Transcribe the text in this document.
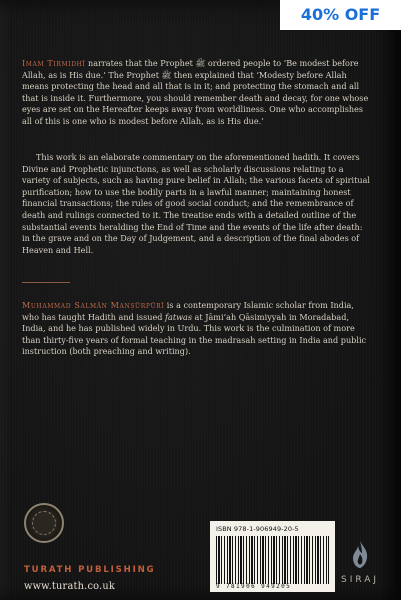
Imam Tirmidhī narrates that the Prophet ﷺ ordered people to ‘Be modest before Allah, as is His due.’ The Prophet ﷺ then explained that ‘Modesty before Allah means protecting the head and all that is in it; and protecting the stomach and all that is inside it. Furthermore, you should remember death and decay, for one whose eyes are set on the Hereafter keeps away from worldliness. One who accomplishes all of this is one who is modest before Allah, as is His due.’
This work is an elaborate commentary on the aforementioned hadith. It covers Divine and Prophetic injunctions, as well as scholarly discussions relating to a variety of subjects, such as having pure belief in Allah; the various facets of spiritual purification; how to use the bodily parts in a lawful manner; maintaining honest financial transactions; the rules of good social conduct; and the remembrance of death and rulings connected to it. The treatise ends with a detailed outline of the substantial events heralding the End of Time and the events of the life after death: in the grave and on the Day of Judgement, and a description of the final abodes of Heaven and Hell.
Muhammad Salmān Manṣūrpūrī is a contemporary Islamic scholar from India, who has taught Hadith and issued fatwas at Jāmi‘ah Qāsimiyyah in Moradabad, India, and he has published widely in Urdu. This work is the culmination of more than thirty-five years of formal teaching in the madrasah setting in India and public instruction (both preaching and writing).
TURATH PUBLISHING
www.turath.co.uk
ISBN 978-1-906949-20-5
9 781906 949205
SIRAJ
40% OFF
